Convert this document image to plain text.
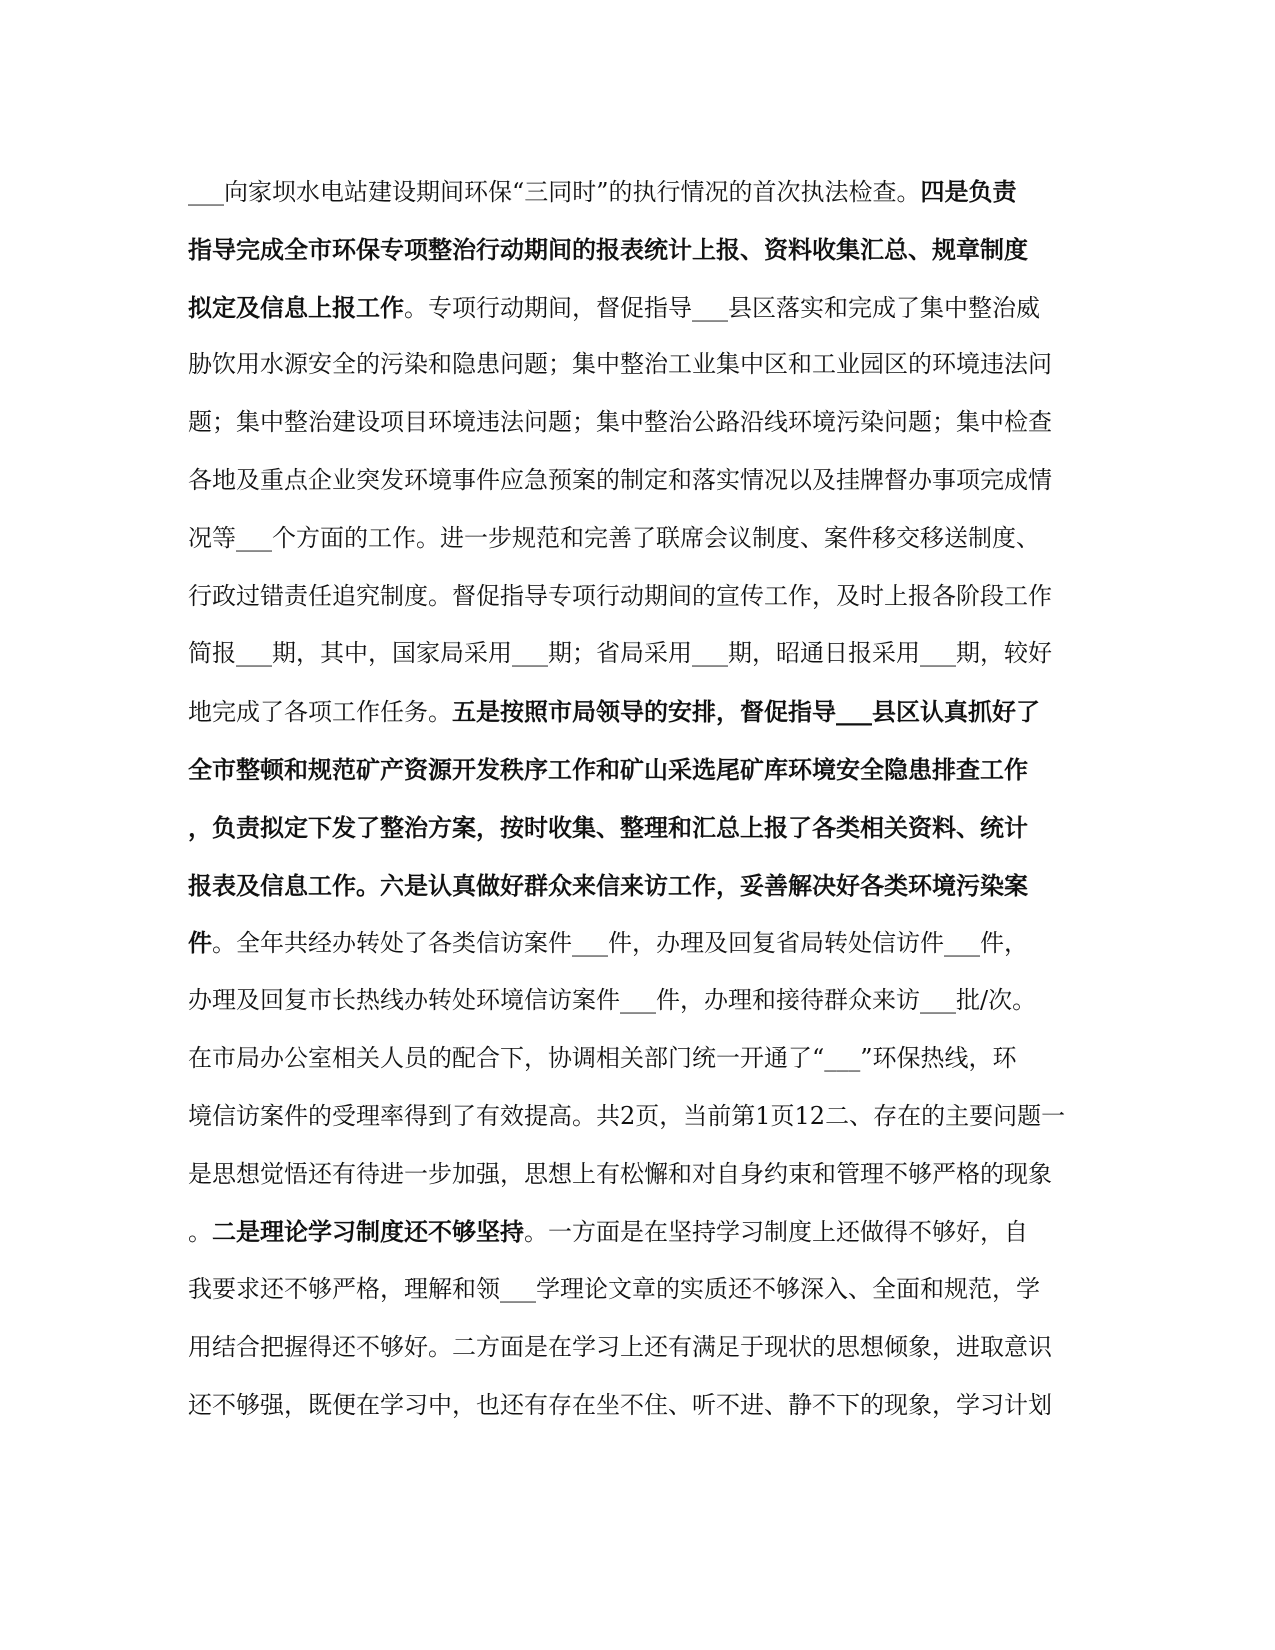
___向家坝水电站建设期间环保“三同时”的执行情况的首次执法检查。四是负责
指导完成全市环保专项整治行动期间的报表统计上报、资料收集汇总、规章制度
拟定及信息上报工作。专项行动期间，督促指导___县区落实和完成了集中整治威
胁饮用水源安全的污染和隐患问题；集中整治工业集中区和工业园区的环境违法问
题；集中整治建设项目环境违法问题；集中整治公路沿线环境污染问题；集中检查
各地及重点企业突发环境事件应急预案的制定和落实情况以及挂牌督办事项完成情
况等___个方面的工作。进一步规范和完善了联席会议制度、案件移交移送制度、
行政过错责任追究制度。督促指导专项行动期间的宣传工作，及时上报各阶段工作
简报___期，其中，国家局采用___期；省局采用___期，昭通日报采用___期，较好
地完成了各项工作任务。五是按照市局领导的安排，督促指导___县区认真抓好了
全市整顿和规范矿产资源开发秩序工作和矿山采选尾矿库环境安全隐患排查工作
，负责拟定下发了整治方案，按时收集、整理和汇总上报了各类相关资料、统计
报表及信息工作。六是认真做好群众来信来访工作，妥善解决好各类环境污染案
件。全年共经办转处了各类信访案件___件，办理及回复省局转处信访件___件，
办理及回复市长热线办转处环境信访案件___件，办理和接待群众来访___批/次。
在市局办公室相关人员的配合下，协调相关部门统一开通了“___”环保热线，环
境信访案件的受理率得到了有效提高。共2页，当前第1页12二、存在的主要问题一
是思想觉悟还有待进一步加强，思想上有松懈和对自身约束和管理不够严格的现象
。二是理论学习制度还不够坚持。一方面是在坚持学习制度上还做得不够好，自
我要求还不够严格，理解和领___学理论文章的实质还不够深入、全面和规范，学
用结合把握得还不够好。二方面是在学习上还有满足于现状的思想倾象，进取意识
还不够强，既便在学习中，也还有存在坐不住、听不进、静不下的现象，学习计划
